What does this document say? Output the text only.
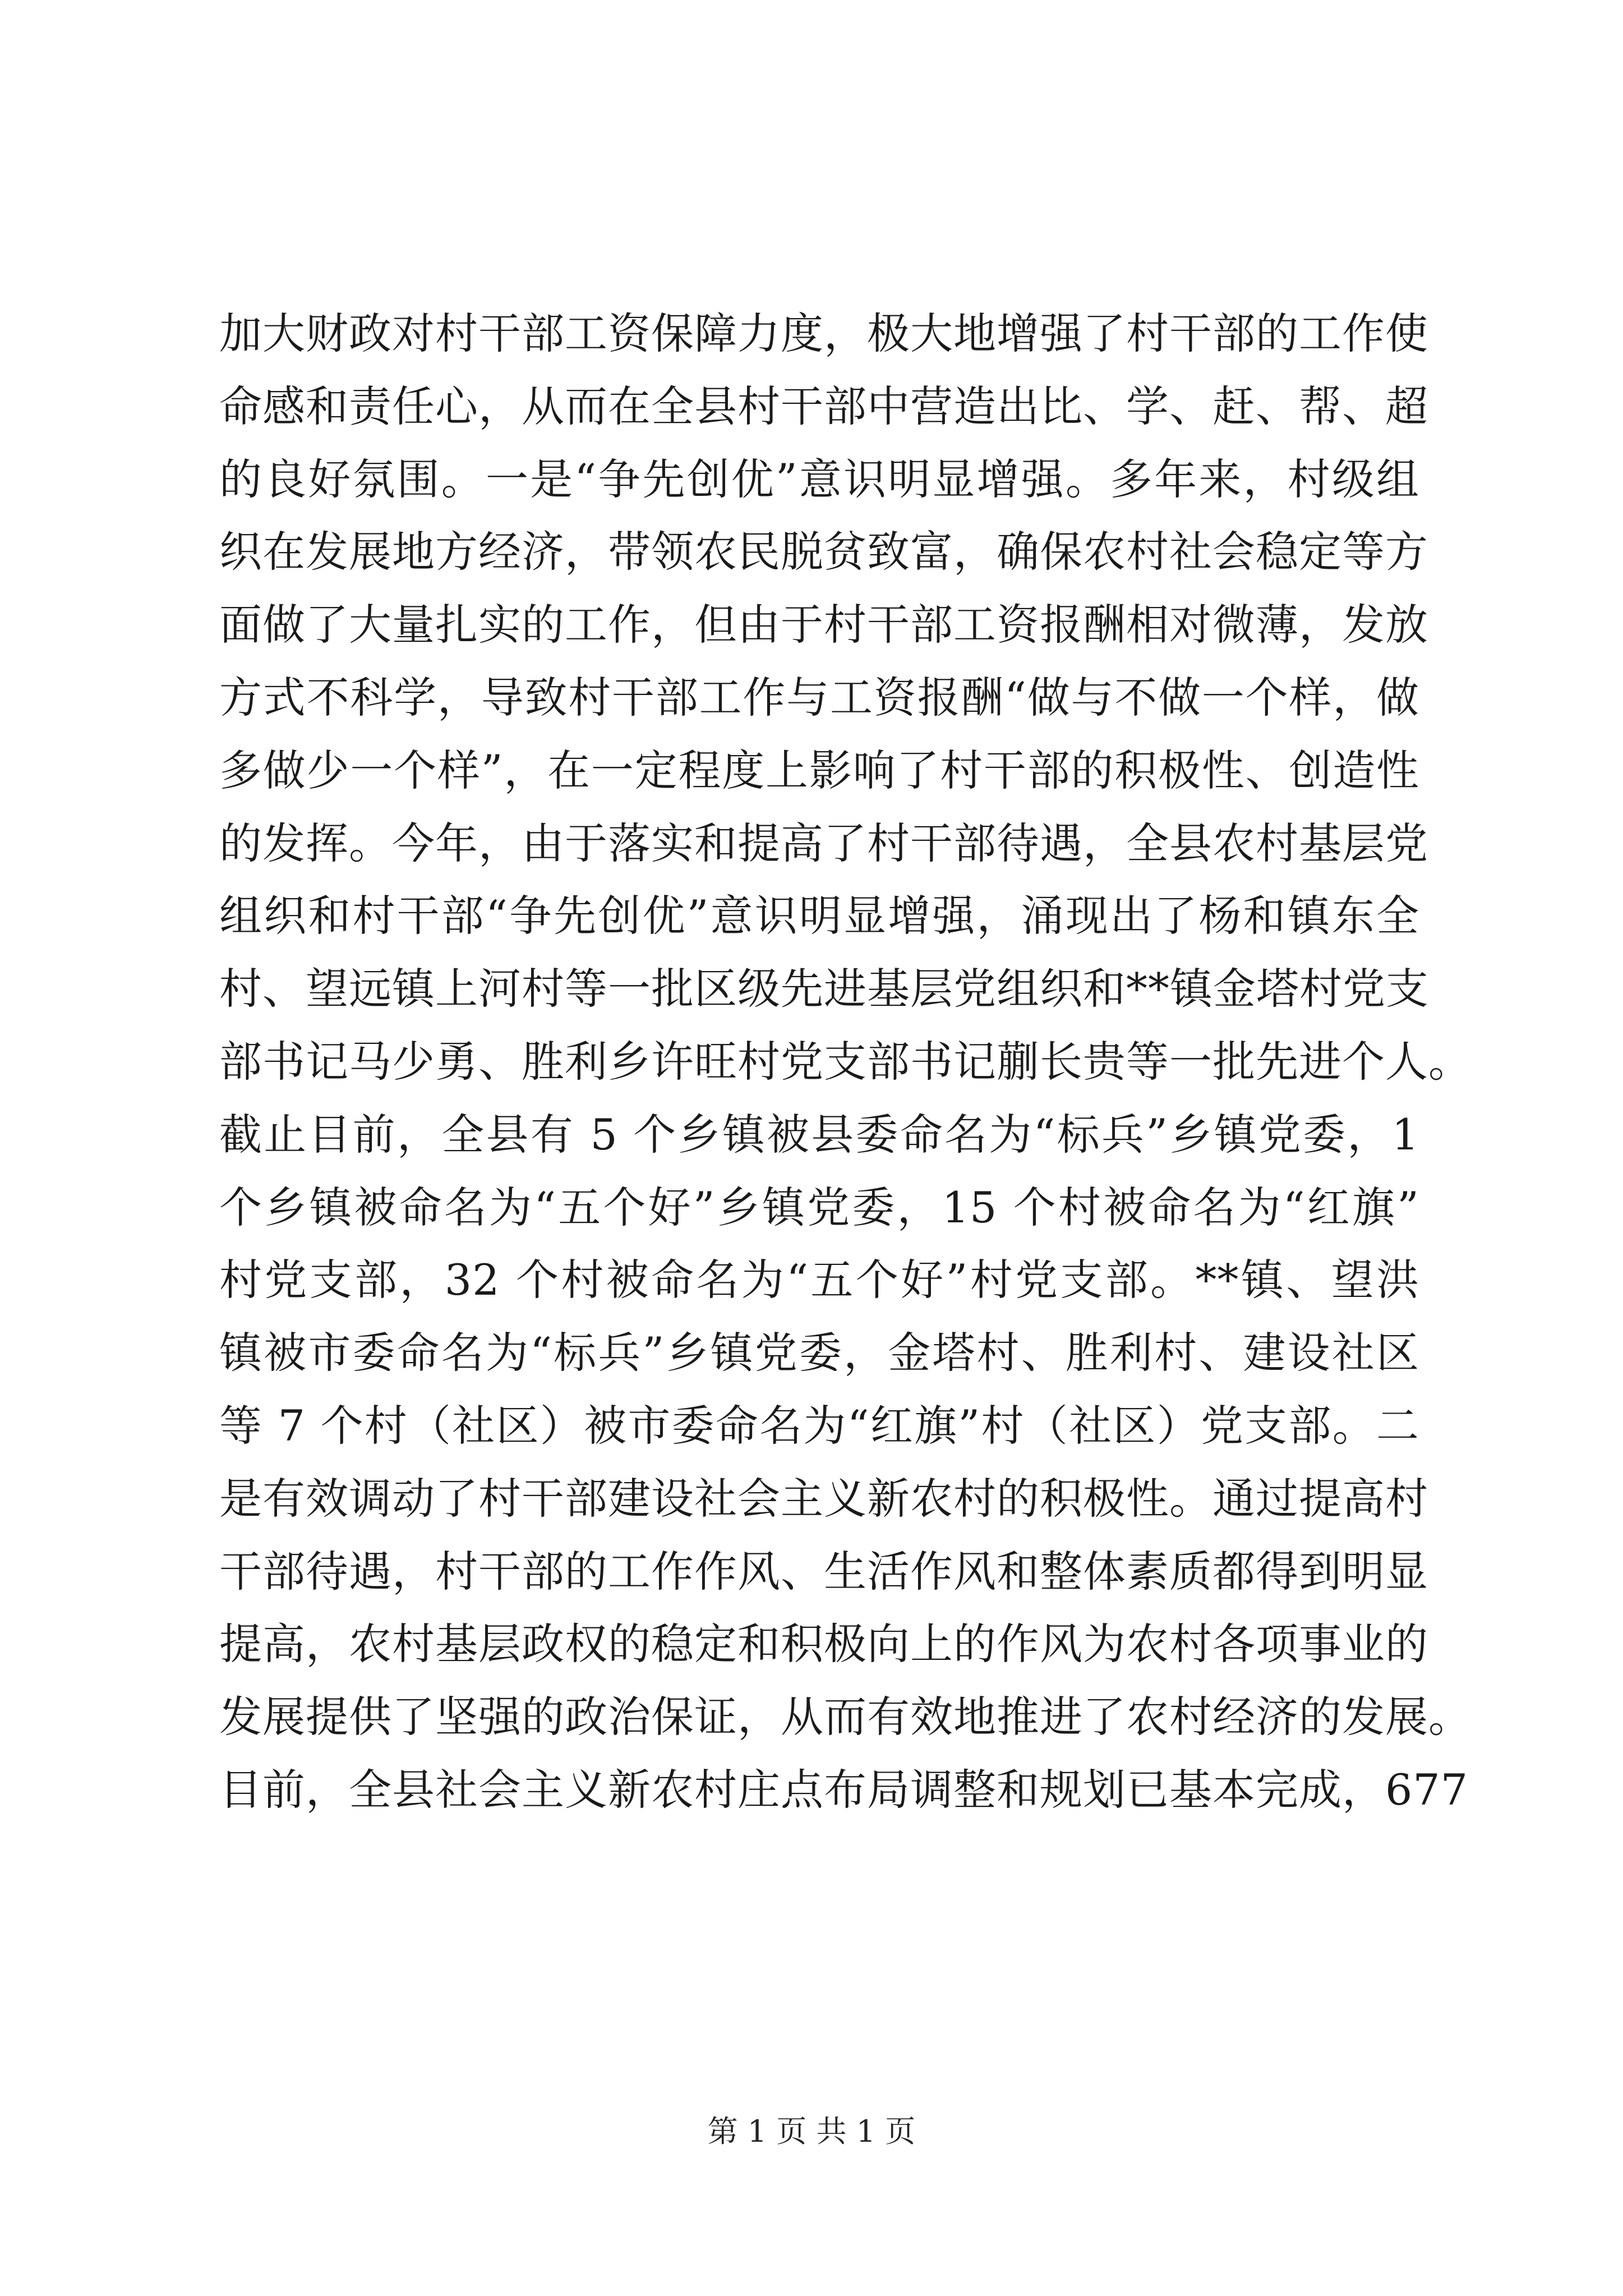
加大财政对村干部工资保障力度，极大地增强了村干部的工作使
命感和责任心，从而在全县村干部中营造出比、学、赶、帮、超
的良好氛围。一是“争先创优”意识明显增强。多年来，村级组
织在发展地方经济，带领农民脱贫致富，确保农村社会稳定等方
面做了大量扎实的工作，但由于村干部工资报酬相对微薄，发放
方式不科学，导致村干部工作与工资报酬“做与不做一个样，做
多做少一个样”，在一定程度上影响了村干部的积极性、创造性
的发挥。今年，由于落实和提高了村干部待遇，全县农村基层党
组织和村干部“争先创优”意识明显增强，涌现出了杨和镇东全
村、望远镇上河村等一批区级先进基层党组织和**镇金塔村党支
部书记马少勇、胜利乡许旺村党支部书记蒯长贵等一批先进个人。
截止目前，全县有 5 个乡镇被县委命名为“标兵”乡镇党委，1
个乡镇被命名为“五个好”乡镇党委，15 个村被命名为“红旗”
村党支部，32 个村被命名为“五个好”村党支部。**镇、望洪
镇被市委命名为“标兵”乡镇党委，金塔村、胜利村、建设社区
等 7 个村（社区）被市委命名为“红旗”村（社区）党支部。二
是有效调动了村干部建设社会主义新农村的积极性。通过提高村
干部待遇，村干部的工作作风、生活作风和整体素质都得到明显
提高，农村基层政权的稳定和积极向上的作风为农村各项事业的
发展提供了坚强的政治保证，从而有效地推进了农村经济的发展。
目前，全县社会主义新农村庄点布局调整和规划已基本完成，677
第 1 页 共 1 页
